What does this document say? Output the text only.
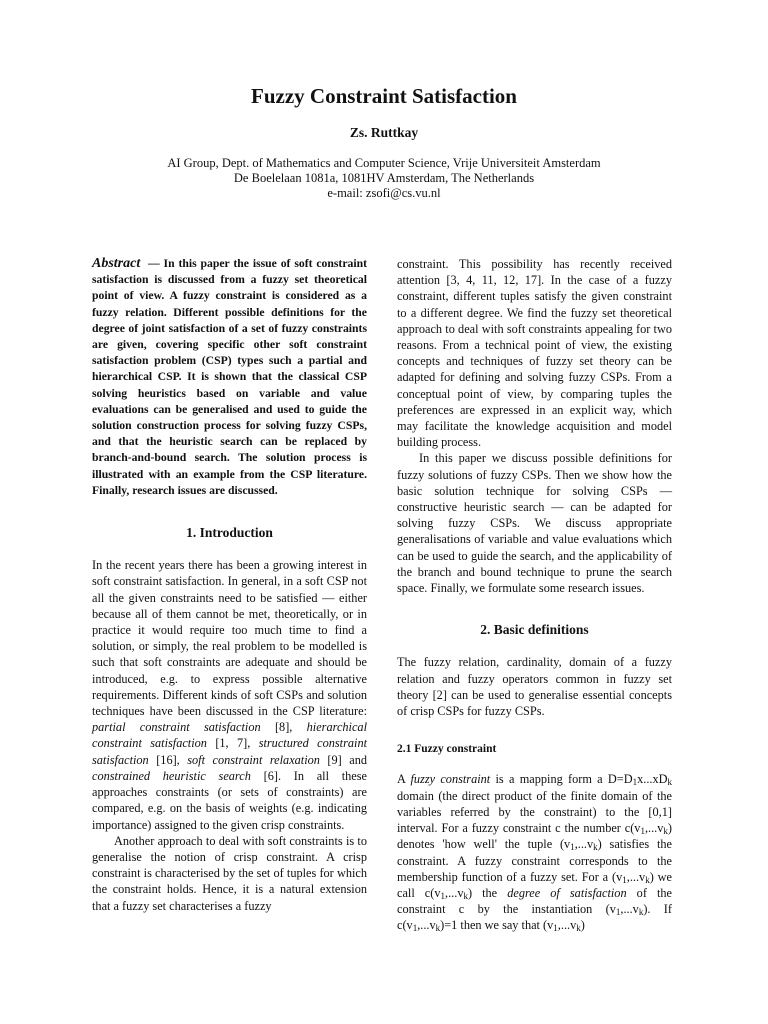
Fuzzy Constraint Satisfaction

Zs. Ruttkay

AI Group, Dept. of Mathematics and Computer Science, Vrije Universiteit Amsterdam
De Boelelaan 1081a, 1081HV Amsterdam, The Netherlands
e-mail: zsofi@cs.vu.nl

Abstract — In this paper the issue of soft constraint satisfaction is discussed from a fuzzy set theoretical point of view. A fuzzy constraint is considered as a fuzzy relation. Different possible definitions for the degree of joint satisfaction of a set of fuzzy constraints are given, covering specific other soft constraint satisfaction problem (CSP) types such a partial and hierarchical CSP. It is shown that the classical CSP solving heuristics based on variable and value evaluations can be generalised and used to guide the solution construction process for solving fuzzy CSPs, and that the heuristic search can be replaced by branch-and-bound search. The solution process is illustrated with an example from the CSP literature. Finally, research issues are discussed.

1. Introduction

In the recent years there has been a growing interest in soft constraint satisfaction. In general, in a soft CSP not all the given constraints need to be satisfied — either because all of them cannot be met, theoretically, or in practice it would require too much time to find a solution, or simply, the real problem to be modelled is such that soft constraints are adequate and should be introduced, e.g. to express possible alternative requirements. Different kinds of soft CSPs and solution techniques have been discussed in the CSP literature: partial constraint satisfaction [8], hierarchical constraint satisfaction [1, 7], structured constraint satisfaction [16], soft constraint relaxation [9] and constrained heuristic search [6]. In all these approaches constraints (or sets of constraints) are compared, e.g. on the basis of weights (e.g. indicating importance) assigned to the given crisp constraints.

Another approach to deal with soft constraints is to generalise the notion of crisp constraint. A crisp constraint is characterised by the set of tuples for which the constraint holds. Hence, it is a natural extension that a fuzzy set characterises a fuzzy

constraint. This possibility has recently received attention [3, 4, 11, 12, 17]. In the case of a fuzzy constraint, different tuples satisfy the given constraint to a different degree. We find the fuzzy set theoretical approach to deal with soft constraints appealing for two reasons. From a technical point of view, the existing concepts and techniques of fuzzy set theory can be adapted for defining and solving fuzzy CSPs. From a conceptual point of view, by comparing tuples the preferences are expressed in an explicit way, which may facilitate the knowledge acquisition and model building process.

In this paper we discuss possible definitions for fuzzy solutions of fuzzy CSPs. Then we show how the basic solution technique for solving CSPs — constructive heuristic search — can be adapted for solving fuzzy CSPs. We discuss appropriate generalisations of variable and value evaluations which can be used to guide the search, and the applicability of the branch and bound technique to prune the search space. Finally, we formulate some research issues.

2. Basic definitions

The fuzzy relation, cardinality, domain of a fuzzy relation and fuzzy operators common in fuzzy set theory [2] can be used to generalise essential concepts of crisp CSPs for fuzzy CSPs.

2.1 Fuzzy constraint

A fuzzy constraint is a mapping form a $D=D_1x...xD_k$ domain (the direct product of the finite domain of the variables referred by the constraint) to the [0,1] interval. For a fuzzy constraint c the number $c(v_1,...v_k)$ denotes 'how well' the tuple $(v_1,...v_k)$ satisfies the constraint. A fuzzy constraint corresponds to the membership function of a fuzzy set. For a $(v_1,...v_k)$ we call $c(v_1,...v_k)$ the degree of satisfaction of the constraint c by the instantiation $(v_1,...v_k)$. If $c(v_1,...v_k)=1$ then we say that $(v_1,...v_k)$
